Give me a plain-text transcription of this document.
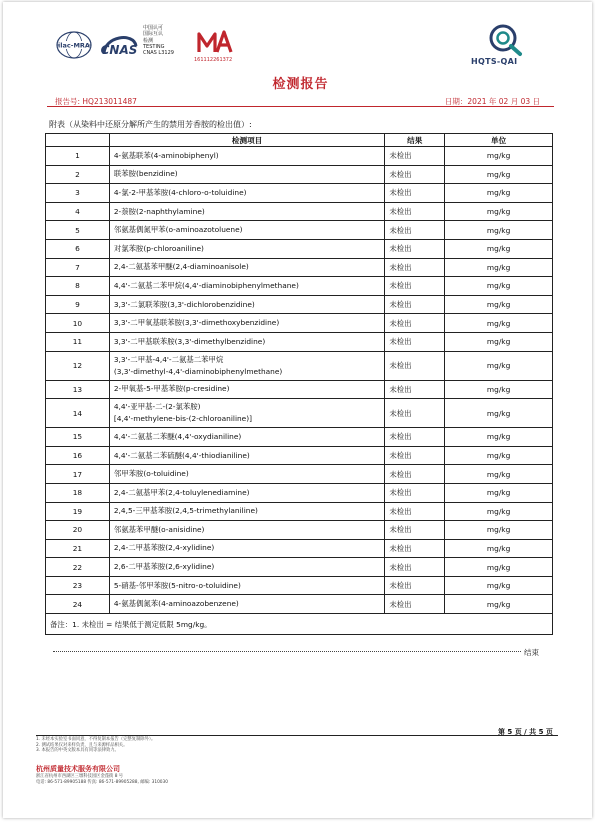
ilac-MRA CNAS
中国认可
国际互认
检测
TESTING
CNAS L3129
161112261372	HQTS-QAI
检测报告
报告号: HQ213011487	日期：2021 年 02 月 03 日
附表（从染料中还原分解所产生的禁用芳香胺的检出值）:
	检测项目	结果	单位
1	4-氨基联苯(4-aminobiphenyl)	未检出	mg/kg
2	联苯胺(benzidine)	未检出	mg/kg
3	4-氯-2-甲基苯胺(4-chloro-o-toluidine)	未检出	mg/kg
4	2-萘胺(2-naphthylamine)	未检出	mg/kg
5	邻氨基偶氮甲苯(o-aminoazotoluene)	未检出	mg/kg
6	对氯苯胺(p-chloroaniline)	未检出	mg/kg
7	2,4-二氨基苯甲醚(2,4-diaminoanisole)	未检出	mg/kg
8	4,4'-二氨基二苯甲烷(4,4'-diaminobiphenylmethane)	未检出	mg/kg
9	3,3'-二氯联苯胺(3,3'-dichlorobenzidine)	未检出	mg/kg
10	3,3'-二甲氧基联苯胺(3,3'-dimethoxybenzidine)	未检出	mg/kg
11	3,3'-二甲基联苯胺(3,3'-dimethylbenzidine)	未检出	mg/kg
12	3,3'-二甲基-4,4'-二氨基二苯甲烷
(3,3'-dimethyl-4,4'-diaminobiphenylmethane)	未检出	mg/kg
13	2-甲氧基-5-甲基苯胺(p-cresidine)	未检出	mg/kg
14	4,4'-亚甲基-二-(2-氯苯胺)
[4,4'-methylene-bis-(2-chloroaniline)]	未检出	mg/kg
15	4,4'-二氨基二苯醚(4,4'-oxydianiline)	未检出	mg/kg
16	4,4'-二氨基二苯硫醚(4,4'-thiodianiline)	未检出	mg/kg
17	邻甲苯胺(o-toluidine)	未检出	mg/kg
18	2,4-二氨基甲苯(2,4-toluylenediamine)	未检出	mg/kg
19	2,4,5-三甲基苯胺(2,4,5-trimethylaniline)	未检出	mg/kg
20	邻氨基苯甲醚(o-anisidine)	未检出	mg/kg
21	2,4-二甲基苯胺(2,4-xylidine)	未检出	mg/kg
22	2,6-二甲基苯胺(2,6-xylidine)	未检出	mg/kg
23	5-硝基-邻甲苯胺(5-nitro-o-toluidine)	未检出	mg/kg
24	4-氨基偶氮苯(4-aminoazobenzene)	未检出	mg/kg
备注：1. 未检出 = 结果低于测定低限 5mg/kg。			
结束
第 5 页 / 共 5 页
1. 未经本实验室书面同意，不得复制本报告（完整复制除外）。
2. 测试结果仅对来样负责，且与来源样品相关。
3. 本报告的中英文版本具有同等法律效力。
杭州质量技术服务有限公司
浙江省杭州市西湖区三墩科技园区金蓬街 8 号
电话: 86-571-89905188 传真: 86-571-89905288, 邮编: 310030
